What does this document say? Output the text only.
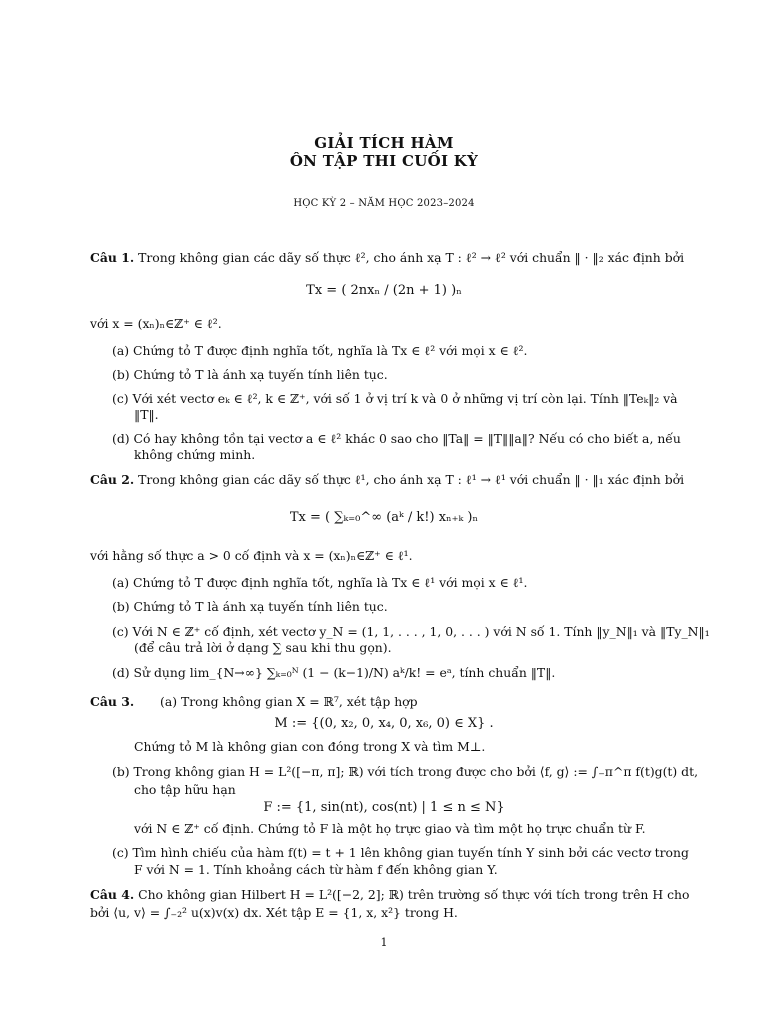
GIẢI TÍCH HÀM
ÔN TẬP THI CUỐI KỲ
HỌC KỲ 2 – NĂM HỌC 2023–2024
Câu 1. Trong không gian các dãy số thực ℓ², cho ánh xạ T : ℓ² → ℓ² với chuẩn ‖ · ‖₂ xác định bởi
Tx = ( 2nxₙ / (2n + 1) )ₙ
với x = (xₙ)ₙ∈ℤ⁺ ∈ ℓ².
(a) Chứng tỏ T được định nghĩa tốt, nghĩa là Tx ∈ ℓ² với mọi x ∈ ℓ².
(b) Chứng tỏ T là ánh xạ tuyến tính liên tục.
(c) Với xét vectơ eₖ ∈ ℓ², k ∈ ℤ⁺, với số 1 ở vị trí k và 0 ở những vị trí còn lại. Tính ‖Teₖ‖₂ và
‖T‖.
(d) Có hay không tồn tại vectơ a ∈ ℓ² khác 0 sao cho ‖Ta‖ = ‖T‖‖a‖? Nếu có cho biết a, nếu
không chứng minh.
Câu 2. Trong không gian các dãy số thực ℓ¹, cho ánh xạ T : ℓ¹ → ℓ¹ với chuẩn ‖ · ‖₁ xác định bởi
Tx = ( ∑ₖ₌₀^∞ (aᵏ / k!) xₙ₊ₖ )ₙ
với hằng số thực a > 0 cố định và x = (xₙ)ₙ∈ℤ⁺ ∈ ℓ¹.
(a) Chứng tỏ T được định nghĩa tốt, nghĩa là Tx ∈ ℓ¹ với mọi x ∈ ℓ¹.
(b) Chứng tỏ T là ánh xạ tuyến tính liên tục.
(c) Với N ∈ ℤ⁺ cố định, xét vectơ y_N = (1, 1, . . . , 1, 0, . . . ) với N số 1. Tính ‖y_N‖₁ và ‖Ty_N‖₁
(để câu trả lời ở dạng ∑ sau khi thu gọn).
(d) Sử dụng lim_{N→∞} ∑ₖ₌₀ᴺ (1 − (k−1)/N) aᵏ/k! = eᵃ, tính chuẩn ‖T‖.
Câu 3. (a) Trong không gian X = ℝ⁷, xét tập hợp
M := {(0, x₂, 0, x₄, 0, x₆, 0) ∈ X} .
Chứng tỏ M là không gian con đóng trong X và tìm M⊥.
(b) Trong không gian H = L²([−π, π]; ℝ) với tích trong được cho bởi ⟨f, g⟩ := ∫₋π^π f(t)g(t) dt,
cho tập hữu hạn
F := {1, sin(nt), cos(nt) | 1 ≤ n ≤ N}
với N ∈ ℤ⁺ cố định. Chứng tỏ F là một họ trực giao và tìm một họ trực chuẩn từ F.
(c) Tìm hình chiếu của hàm f(t) = t + 1 lên không gian tuyến tính Y sinh bởi các vectơ trong
F với N = 1. Tính khoảng cách từ hàm f đến không gian Y.
Câu 4. Cho không gian Hilbert H = L²([−2, 2]; ℝ) trên trường số thực với tích trong trên H cho
bởi ⟨u, v⟩ = ∫₋₂² u(x)v(x) dx. Xét tập E = {1, x, x²} trong H.
1
